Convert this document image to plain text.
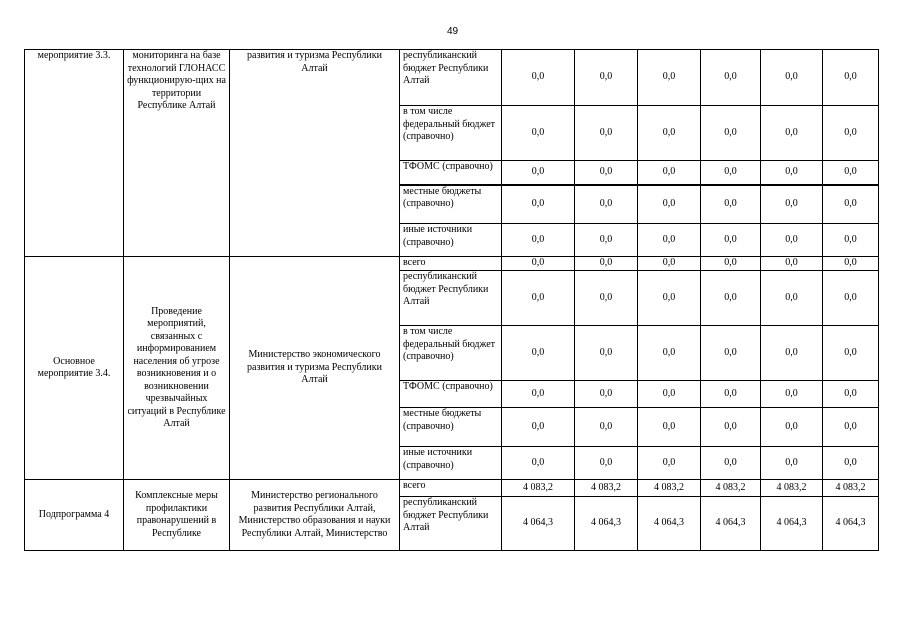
49
мероприятие 3.3.	мониторинга на базе технологий ГЛОНАСС функционирую-щих на территории Республике Алтай	развития и туризма Республики Алтай	республиканский бюджет Республики Алтай	0,0	0,0	0,0	0,0	0,0	0,0
			в том числе федеральный бюджет (справочно)	0,0	0,0	0,0	0,0	0,0	0,0
			ТФОМС (справочно)	0,0	0,0	0,0	0,0	0,0	0,0
			местные бюджеты (справочно)	0,0	0,0	0,0	0,0	0,0	0,0
			иные источники (справочно)	0,0	0,0	0,0	0,0	0,0	0,0
Основное мероприятие 3.4.	Проведение мероприятий, связанных с информированием населения об угрозе возникновения и о возникновении чрезвычайных ситуаций в Республике Алтай	Министерство экономического развития и туризма Республики Алтай	всего	0,0	0,0	0,0	0,0	0,0	0,0
			республиканский бюджет Республики Алтай	0,0	0,0	0,0	0,0	0,0	0,0
			в том числе федеральный бюджет (справочно)	0,0	0,0	0,0	0,0	0,0	0,0
			ТФОМС (справочно)	0,0	0,0	0,0	0,0	0,0	0,0
			местные бюджеты (справочно)	0,0	0,0	0,0	0,0	0,0	0,0
			иные источники (справочно)	0,0	0,0	0,0	0,0	0,0	0,0
Подпрограмма 4	Комплексные меры профилактики правонарушений в Республике	Министерство регионального развития Республики Алтай, Министерство образования и науки Республики Алтай, Министерство	всего	4 083,2	4 083,2	4 083,2	4 083,2	4 083,2	4 083,2
			республиканский бюджет Республики Алтай	4 064,3	4 064,3	4 064,3	4 064,3	4 064,3	4 064,3
